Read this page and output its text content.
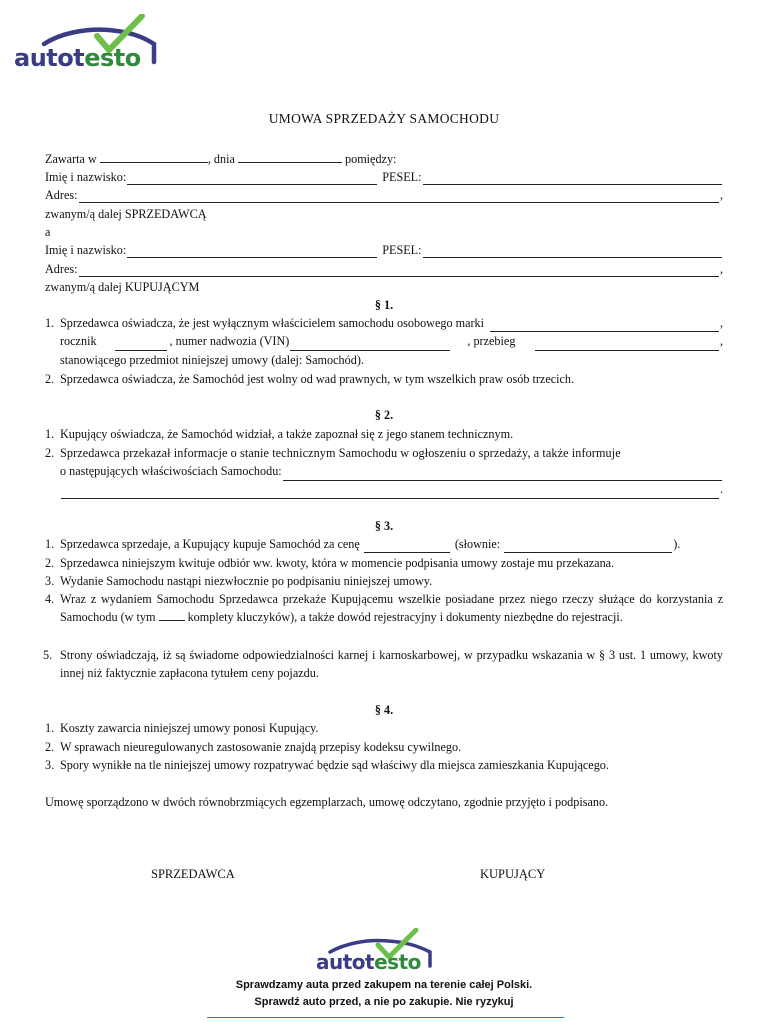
autotesto
UMOWA SPRZEDAŻY SAMOCHODU
Zawarta w	, dnia	pomiędzy:
Imię i nazwisko:	PESEL:
Adres:	,
zwanym/ą dalej SPRZEDAWCĄ
a
Imię i nazwisko:	PESEL:
Adres:	,
zwanym/ą dalej KUPUJĄCYM
§ 1.
1. Sprzedawca oświadcza, że jest wyłącznym właścicielem samochodu osobowego marki	,
rocznik	, numer nadwozia (VIN)	, przebieg	,
stanowiącego przedmiot niniejszej umowy (dalej: Samochód).
2. Sprzedawca oświadcza, że Samochód jest wolny od wad prawnych, w tym wszelkich praw osób trzecich.
§ 2.
1. Kupujący oświadcza, że Samochód widział, a także zapoznał się z jego stanem technicznym.
2. Sprzedawca przekazał informacje o stanie technicznym Samochodu w ogłoszeniu o sprzedaży, a także informuje
o następujących właściwościach Samochodu:
.
§ 3.
1. Sprzedawca sprzedaje, a Kupujący kupuje Samochód za cenę	(słownie:	).
2. Sprzedawca niniejszym kwituje odbiór ww. kwoty, która w momencie podpisania umowy zostaje mu przekazana.
3. Wydanie Samochodu nastąpi niezwłocznie po podpisaniu niniejszej umowy.
4. Wraz z wydaniem Samochodu Sprzedawca przekaże Kupującemu wszelkie posiadane przez niego rzeczy służące do korzystania z Samochodu (w tym	komplety kluczyków), a także dowód rejestracyjny i dokumenty niezbędne do rejestracji.
5. Strony oświadczają, iż są świadome odpowiedzialności karnej i karnoskarbowej, w przypadku wskazania w § 3 ust. 1 umowy, kwoty innej niż faktycznie zapłacona tytułem ceny pojazdu.
§ 4.
1. Koszty zawarcia niniejszej umowy ponosi Kupujący.
2. W sprawach nieuregulowanych zastosowanie znajdą przepisy kodeksu cywilnego.
3. Spory wynikłe na tle niniejszej umowy rozpatrywać będzie sąd właściwy dla miejsca zamieszkania Kupującego.
Umowę sporządzono w dwóch równobrzmiących egzemplarzach, umowę odczytano, zgodnie przyjęto i podpisano.
SPRZEDAWCA	KUPUJĄCY
autotesto
Sprawdzamy auta przed zakupem na terenie całej Polski.
Sprawdź auto przed, a nie po zakupie. Nie ryzykuj
